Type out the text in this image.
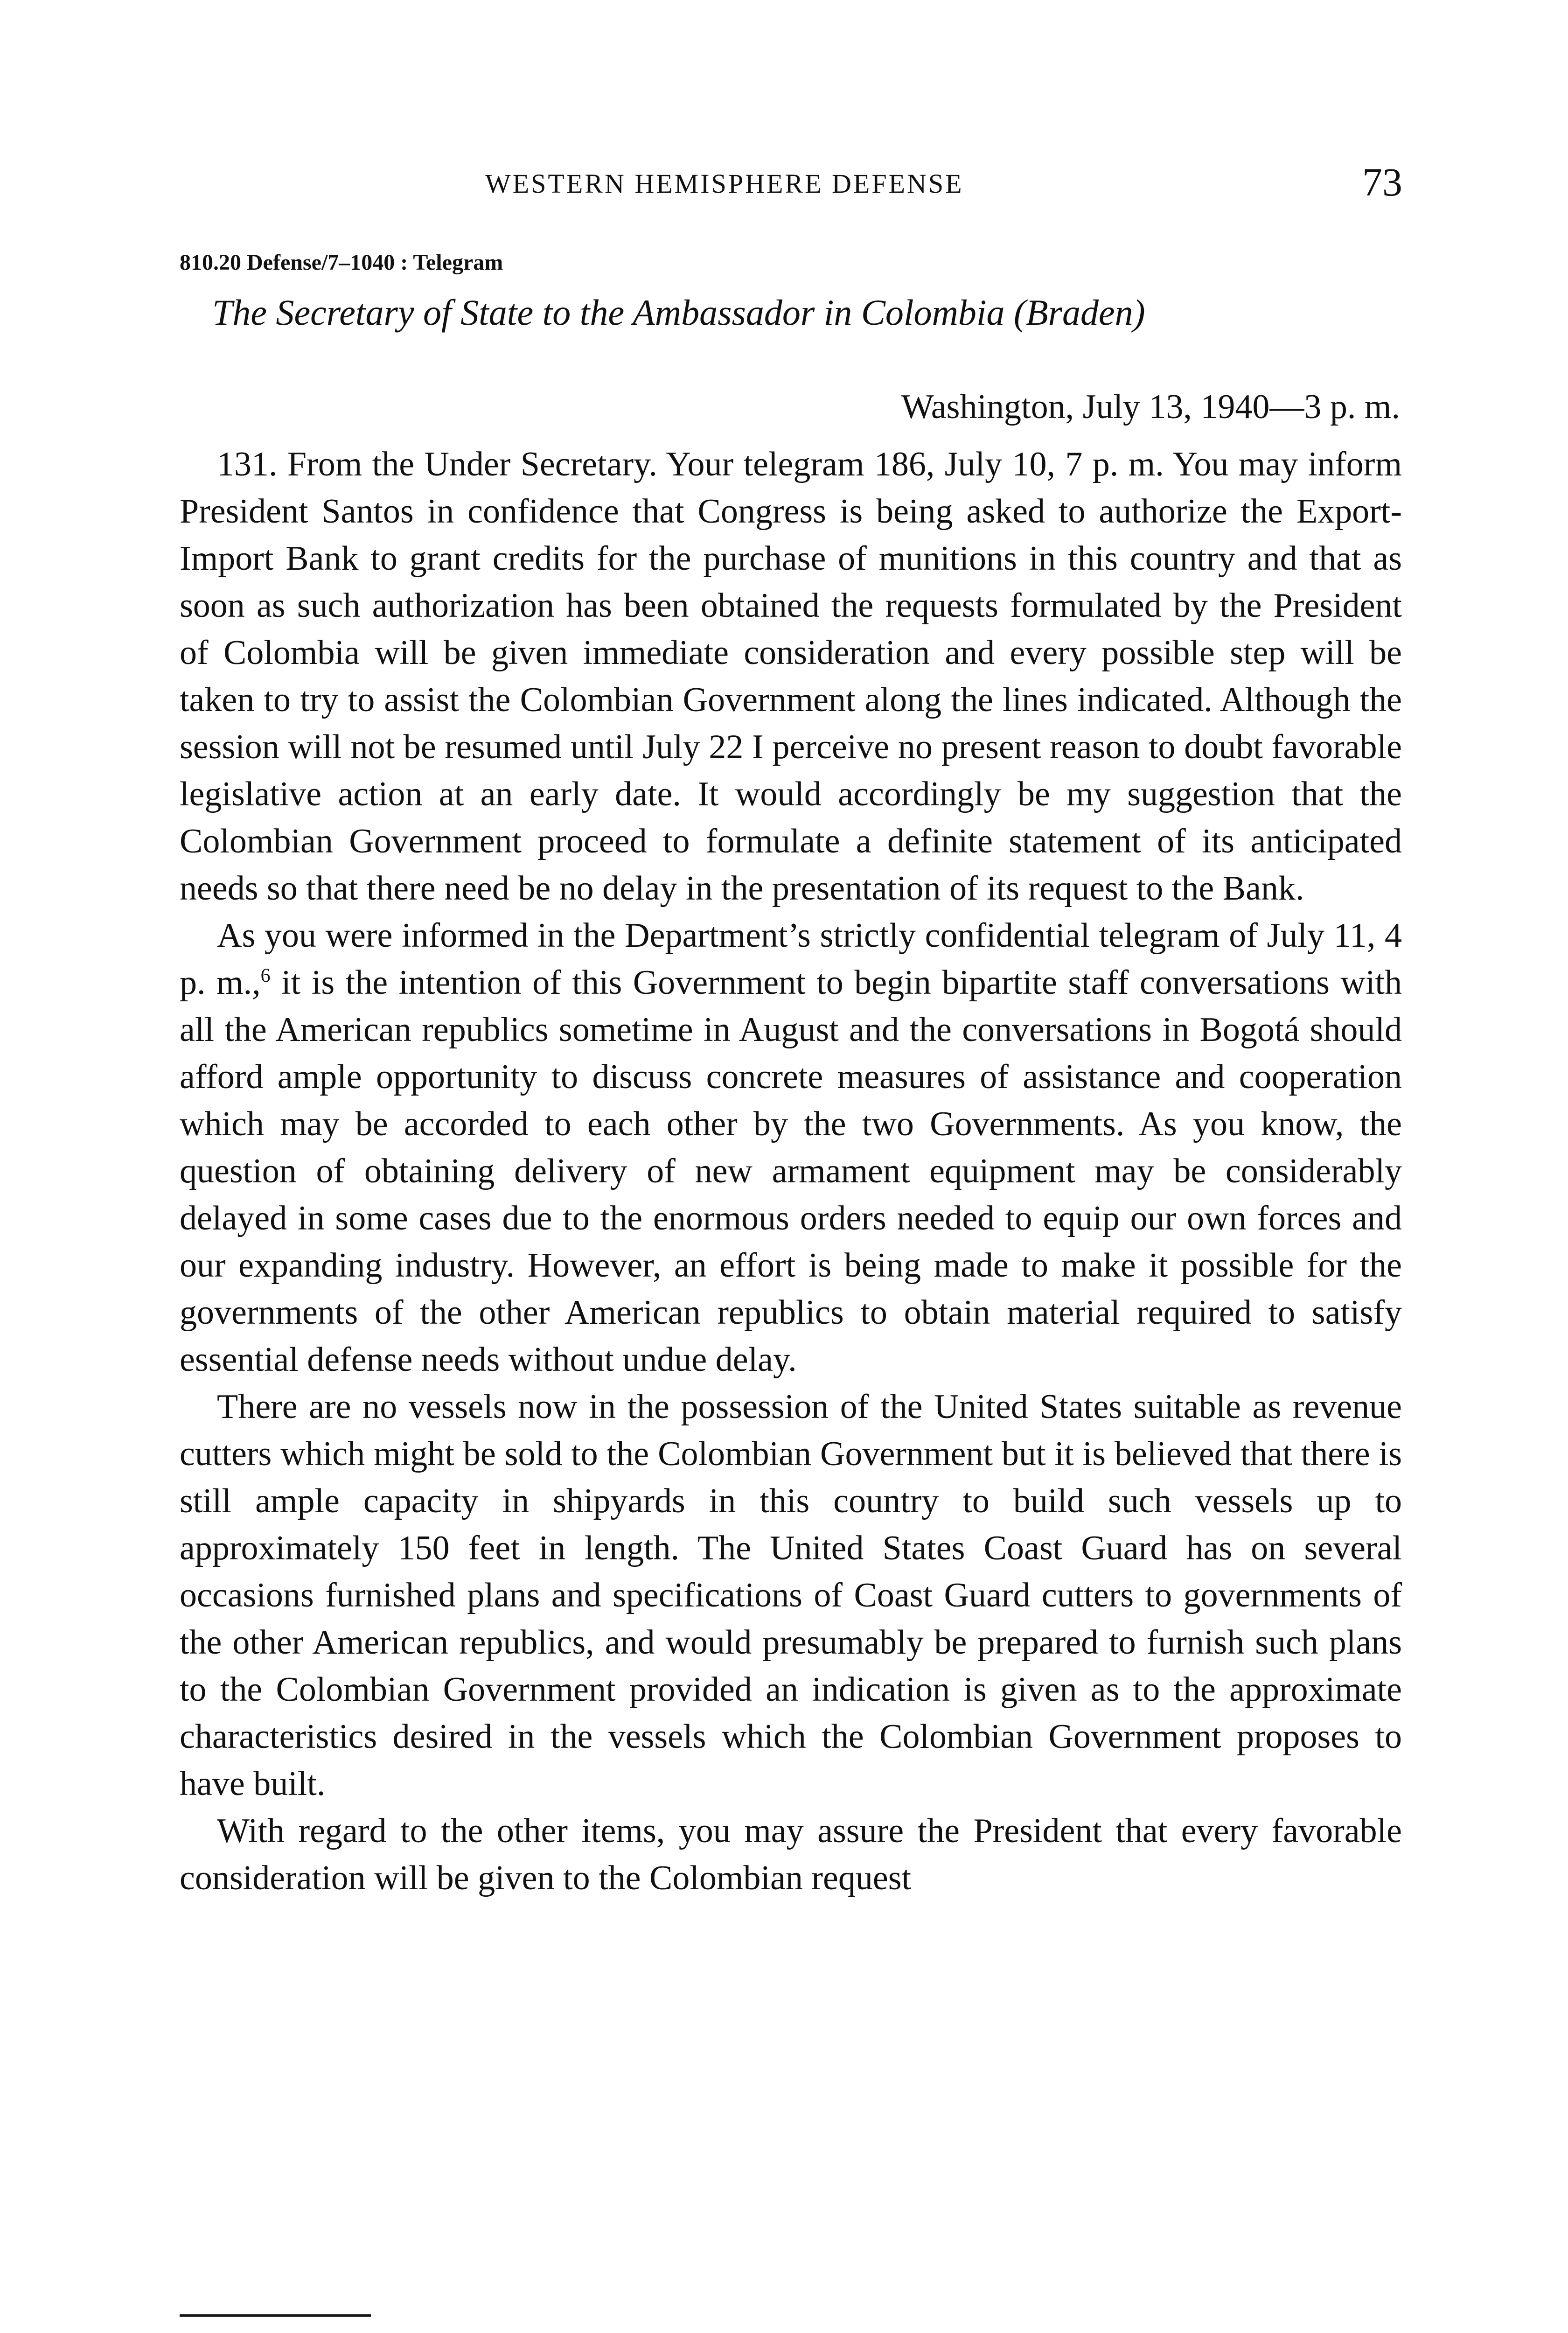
WESTERN HEMISPHERE DEFENSE	73
810.20 Defense/7–1040 : Telegram
The Secretary of State to the Ambassador in Colombia (Braden)
Washington, July 13, 1940—3 p. m.

131. From the Under Secretary. Your telegram 186, July 10, 7 p. m. You may inform President Santos in confidence that Congress is being asked to authorize the Export-Import Bank to grant credits for the purchase of munitions in this country and that as soon as such authorization has been obtained the requests formulated by the President of Colombia will be given immediate consideration and every possible step will be taken to try to assist the Colombian Government along the lines indicated. Although the session will not be resumed until July 22 I perceive no present reason to doubt favorable legislative action at an early date. It would accordingly be my suggestion that the Colombian Government proceed to formulate a definite statement of its anticipated needs so that there need be no delay in the presentation of its request to the Bank.

As you were informed in the Department’s strictly confidential telegram of July 11, 4 p. m.,$^6$ it is the intention of this Government to begin bipartite staff conversations with all the American republics sometime in August and the conversations in Bogotá should afford ample opportunity to discuss concrete measures of assistance and cooperation which may be accorded to each other by the two Governments. As you know, the question of obtaining delivery of new armament equipment may be considerably delayed in some cases due to the enormous orders needed to equip our own forces and our expanding industry. However, an effort is being made to make it possible for the governments of the other American republics to obtain material required to satisfy essential defense needs without undue delay.

There are no vessels now in the possession of the United States suitable as revenue cutters which might be sold to the Colombian Government but it is believed that there is still ample capacity in shipyards in this country to build such vessels up to approximately 150 feet in length. The United States Coast Guard has on several occasions furnished plans and specifications of Coast Guard cutters to governments of the other American republics, and would presumably be prepared to furnish such plans to the Colombian Government provided an indication is given as to the approximate characteristics desired in the vessels which the Colombian Government proposes to have built.

With regard to the other items, you may assure the President that every favorable consideration will be given to the Colombian request
